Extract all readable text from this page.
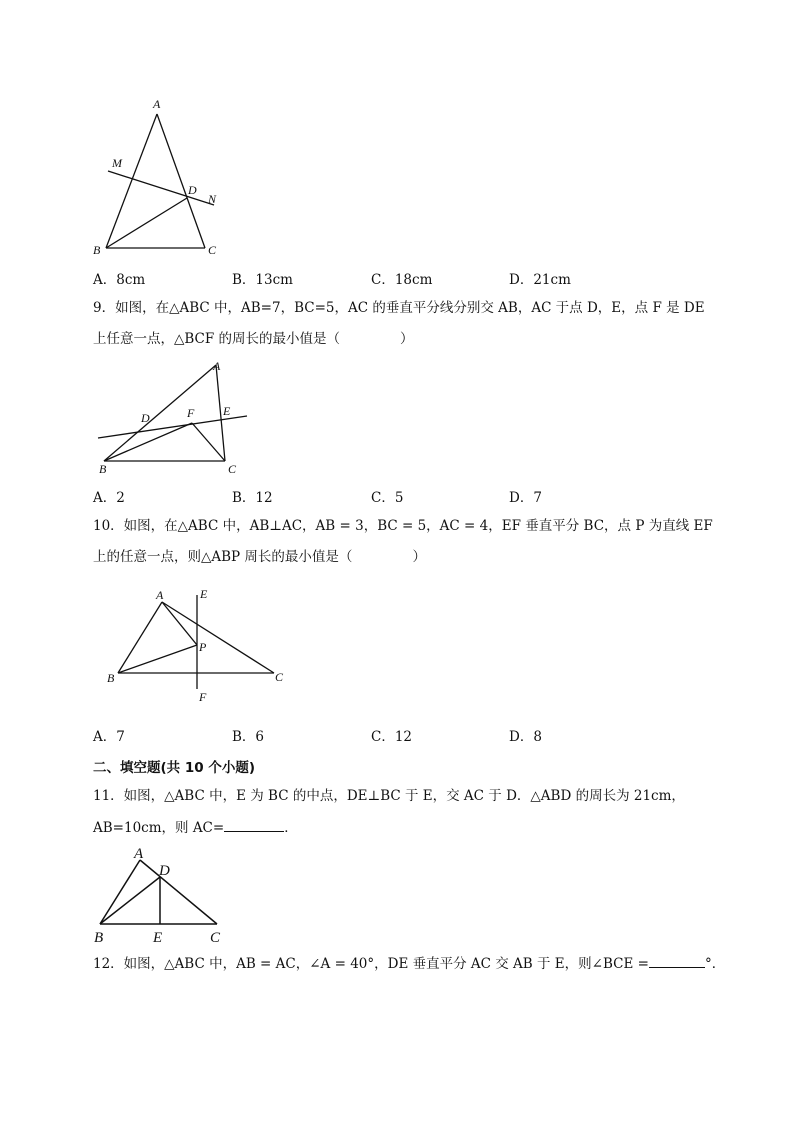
A
M
D
N
B	C
A．8cm	B．13cm	C．18cm	D．21cm
9．如图，在△ABC 中，AB=7，BC=5，AC 的垂直平分线分别交 AB，AC 于点 D，E，点 F 是 DE
上任意一点，△BCF 的周长的最小值是（	）
A
D	F E
B	C
A．2	B．12	C．5	D．7
10．如图，在△ABC 中，AB⊥AC，AB = 3，BC = 5，AC = 4，EF 垂直平分 BC，点 P 为直线 EF
上的任意一点，则△ABP 周长的最小值是（	）
A	E
P
B	C
F
A．7	B．6	C．12	D．8
二、填空题(共 10 个小题)
11．如图，△ABC 中，E 为 BC 的中点，DE⊥BC 于 E，交 AC 于 D．△ABD 的周长为 21cm，
AB=10cm，则 AC=	．
A
D
B	E	C
12．如图，△ABC 中，AB = AC，∠A = 40°，DE 垂直平分 AC 交 AB 于 E，则∠BCE =	°．
